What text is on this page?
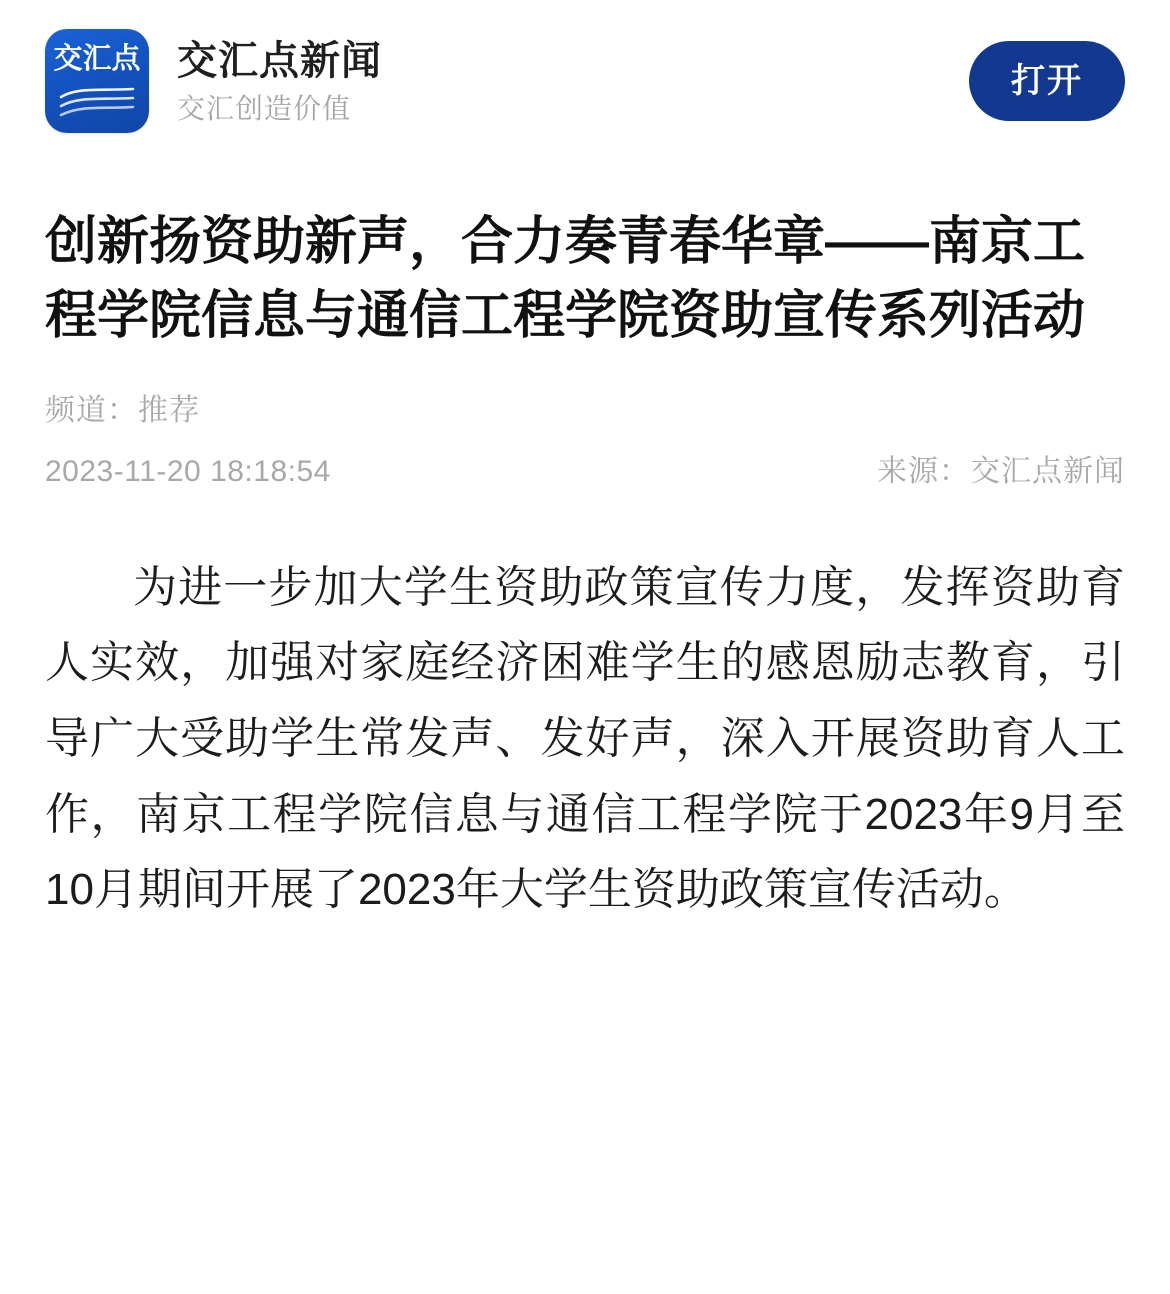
交汇点 交汇点新闻
交汇创造价值
打开
创新扬资助新声，合力奏青春华章——南京工程学院信息与通信工程学院资助宣传系列活动
频道：推荐
2023-11-20 18:18:54	来源：交汇点新闻

为进一步加大学生资助政策宣传力度，发挥资助育人实效，加强对家庭经济困难学生的感恩励志教育，引导广大受助学生常发声、发好声，深入开展资助育人工作，南京工程学院信息与通信工程学院于2023年9月至10月期间开展了2023年大学生资助政策宣传活动。
